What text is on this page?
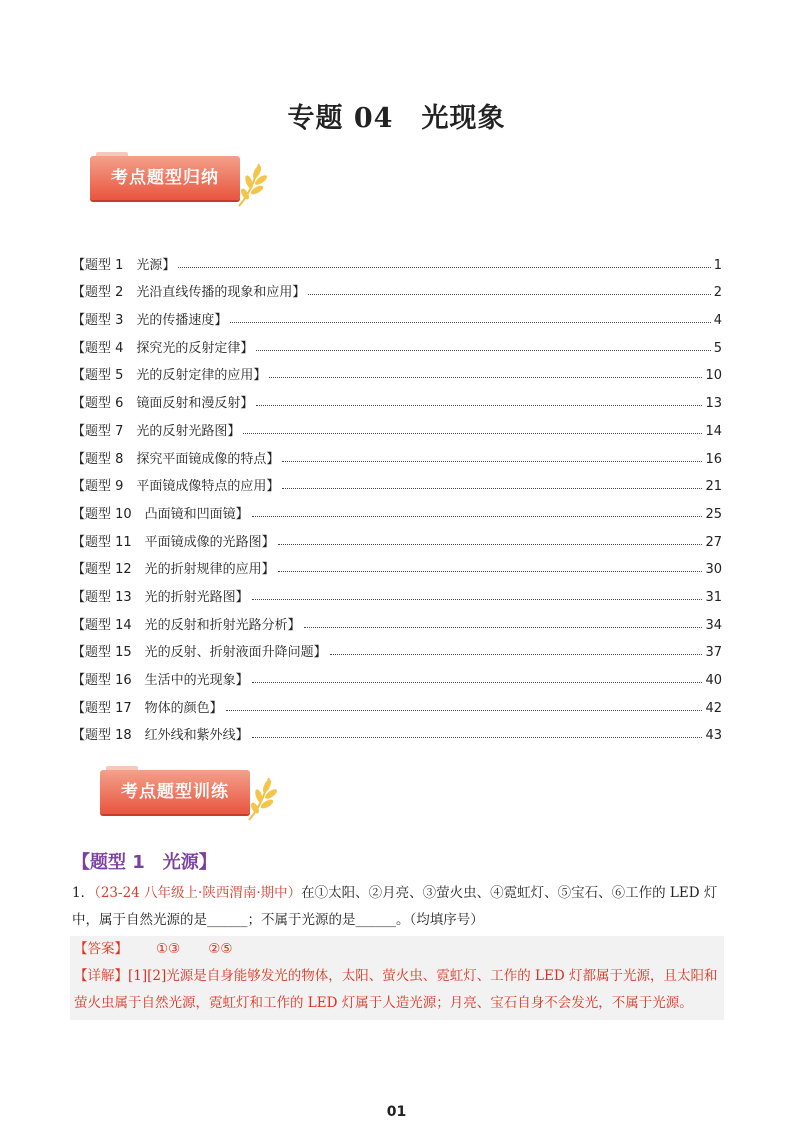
专题 04　光现象
考点题型归纳
【题型 1　光源】	1
【题型 2　光沿直线传播的现象和应用】	2
【题型 3　光的传播速度】	4
【题型 4　探究光的反射定律】	5
【题型 5　光的反射定律的应用】	10
【题型 6　镜面反射和漫反射】	13
【题型 7　光的反射光路图】	14
【题型 8　探究平面镜成像的特点】	16
【题型 9　平面镜成像特点的应用】	21
【题型 10　凸面镜和凹面镜】	25
【题型 11　平面镜成像的光路图】	27
【题型 12　光的折射规律的应用】	30
【题型 13　光的折射光路图】	31
【题型 14　光的反射和折射光路分析】	34
【题型 15　光的反射、折射液面升降问题】	37
【题型 16　生活中的光现象】	40
【题型 17　物体的颜色】	42
【题型 18　红外线和紫外线】	43
考点题型训练
【题型 1　光源】
1．（23-24 八年级上·陕西渭南·期中）在①太阳、②月亮、③萤火虫、④霓虹灯、⑤宝石、⑥工作的 LED 灯中，属于自然光源的是______；不属于光源的是______。（均填序号）
【答案】 ①③ ②⑤
【详解】[1][2]光源是自身能够发光的物体，太阳、萤火虫、霓虹灯、工作的 LED 灯都属于光源，且太阳和萤火虫属于自然光源，霓虹灯和工作的 LED 灯属于人造光源；月亮、宝石自身不会发光，不属于光源。
01
